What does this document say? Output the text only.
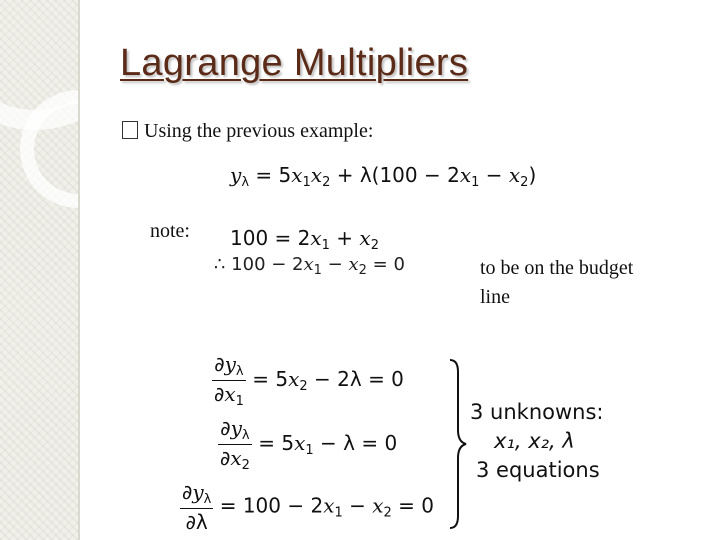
Lagrange Multipliers
Using the previous example:
$y_\lambda = 5x_1x_2 + \lambda(100 - 2x_1 - x_2)$
note: $100 = 2x_1 + x_2$
∴ $100 - 2x_1 - x_2 = 0$	to be on the budget
line
$\frac{\partial y_\lambda}{\partial x_1} = 5x_2 - 2\lambda = 0$
$\frac{\partial y_\lambda}{\partial x_2} = 5x_1 - \lambda = 0$
$\frac{\partial y_\lambda}{\partial\lambda} = 100 - 2x_1 - x_2 = 0$
3 unknowns:
x₁, x₂, λ
3 equations
